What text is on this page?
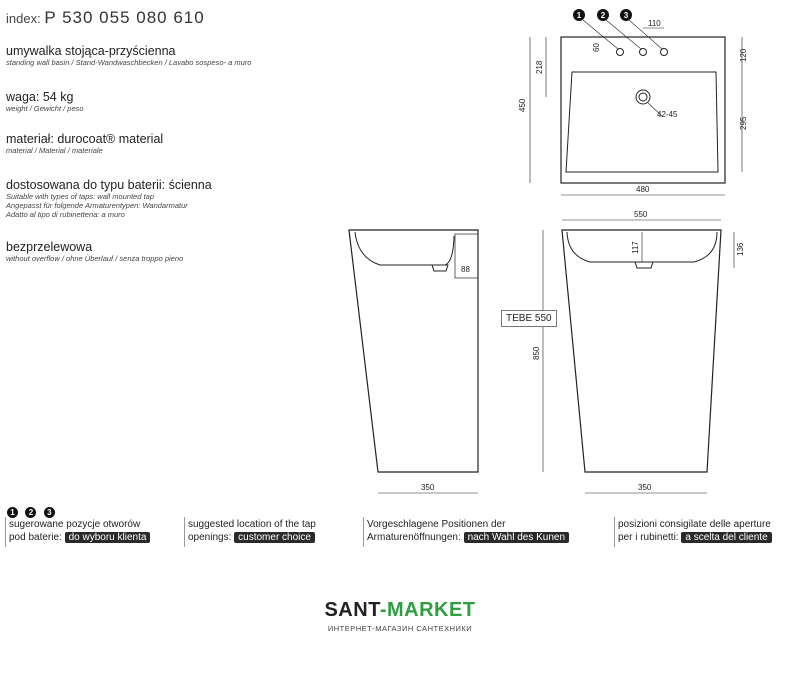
index: P 530 055 080 610
umywalka stojąca-przyścienna
standing wall basin / Stand-Wandwaschbecken / Lavabo sospeso- a muro
waga: 54 kg
weight / Gewicht / peso
materiał: durocoat® material
material / Material / materiale
dostosowana do typu baterii: ścienna
Suitable with types of taps: wall mounted tap
Angepasst für folgende Armaturentypen: Wandarmatur
Adatto al tipo di rubinetteria: a muro
bezprzelewowa
without overflow / ohne Überlauf / senza troppo pieno
1 2 3
110
60
450
218
120
295
480
42-45
550
117	136
850
350
88
350
TEBE 550
1 2 3
sugerowane pozycje otworów
pod baterie: do wyboru klienta
suggested location of the tap
openings: customer choice
Vorgeschlagene Positionen der
Armaturenöffnungen: nach Wahl des Kunen
posizioni consigilate delle aperture
per i rubinetti: a scelta del cliente
SANT-MARKET
ИНТЕРНЕТ-МАГАЗИН САНТЕХНИКИ
